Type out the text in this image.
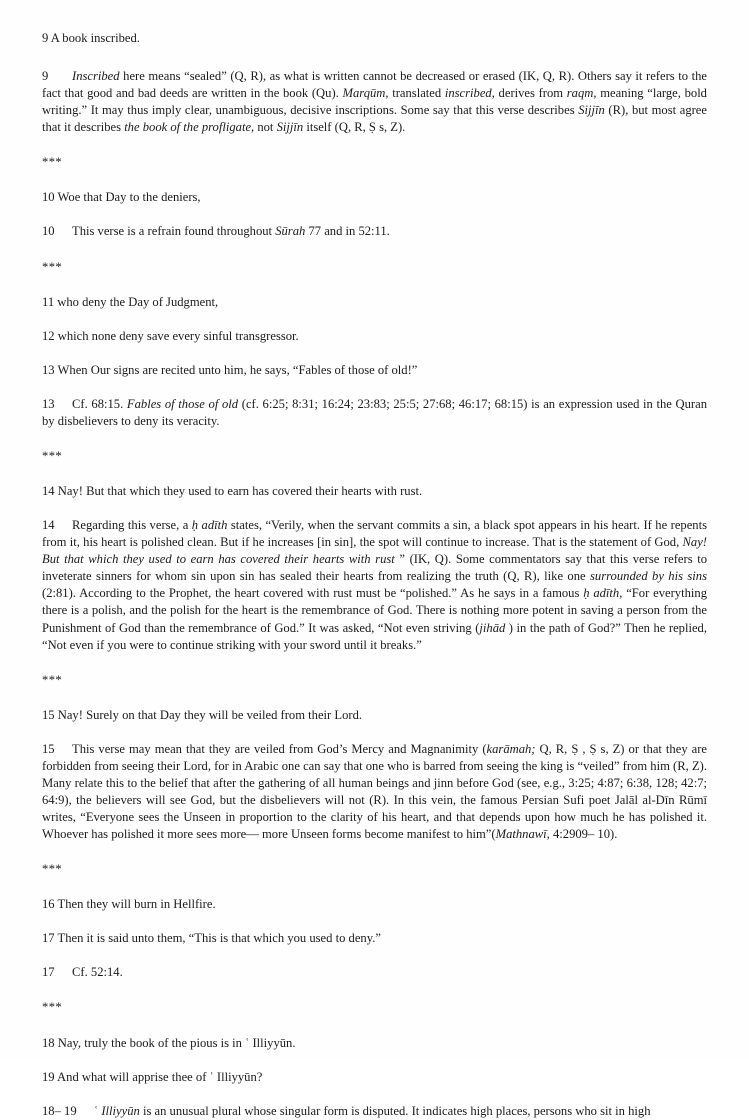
9 A book inscribed.

9 Inscribed here means “sealed” (Q, R), as what is written cannot be decreased or erased (IK, Q, R). Others say it refers to the fact that good and bad deeds are written in the book (Qu). Marqūm, translated inscribed, derives from raqm, meaning “large, bold writing.” It may thus imply clear, unambiguous, decisive inscriptions. Some say that this verse describes Sijjīn (R), but most agree that it describes the book of the profligate, not Sijjīn itself (Q, R, Ṣ s, Z).

***

10 Woe that Day to the deniers,

10 This verse is a refrain found throughout Sūrah 77 and in 52:11.

***

11 who deny the Day of Judgment,

12 which none deny save every sinful transgressor.

13 When Our signs are recited unto him, he says, “Fables of those of old!”

13 Cf. 68:15. Fables of those of old (cf. 6:25; 8:31; 16:24; 23:83; 25:5; 27:68; 46:17; 68:15) is an expression used in the Quran by disbelievers to deny its veracity.

***

14 Nay! But that which they used to earn has covered their hearts with rust.

14 Regarding this verse, a ḥ adīth states, “Verily, when the servant commits a sin, a black spot appears in his heart. If he repents from it, his heart is polished clean. But if he increases [in sin], the spot will continue to increase. That is the statement of God, Nay! But that which they used to earn has covered their hearts with rust ” (IK, Q). Some commentators say that this verse refers to inveterate sinners for whom sin upon sin has sealed their hearts from realizing the truth (Q, R), like one surrounded by his sins (2:81). According to the Prophet, the heart covered with rust must be “polished.” As he says in a famous ḥ adīth, “For everything there is a polish, and the polish for the heart is the remembrance of God. There is nothing more potent in saving a person from the Punishment of God than the remembrance of God.” It was asked, “Not even striving (jihād ) in the path of God?” Then he replied, “Not even if you were to continue striking with your sword until it breaks.”

***

15 Nay! Surely on that Day they will be veiled from their Lord.

15 This verse may mean that they are veiled from God’s Mercy and Magnanimity (karāmah; Q, R, Ṣ , Ṣ s, Z) or that they are forbidden from seeing their Lord, for in Arabic one can say that one who is barred from seeing the king is “veiled” from him (R, Z). Many relate this to the belief that after the gathering of all human beings and jinn before God (see, e.g., 3:25; 4:87; 6:38, 128; 42:7; 64:9), the believers will see God, but the disbelievers will not (R). In this vein, the famous Persian Sufi poet Jalāl al-Dīn Rūmī writes, “Everyone sees the Unseen in proportion to the clarity of his heart, and that depends upon how much he has polished it. Whoever has polished it more sees more— more Unseen forms become manifest to him”(Mathnawī, 4:2909– 10).

***

16 Then they will burn in Hellfire.

17 Then it is said unto them, “This is that which you used to deny.”

17 Cf. 52:14.

***

18 Nay, truly the book of the pious is in ʿ Illiyyūn.

19 And what will apprise thee of ʿ Illiyyūn?

18– 19 ʿ Illiyyūn is an unusual plural whose singular form is disputed. It indicates high places, persons who sit in high
